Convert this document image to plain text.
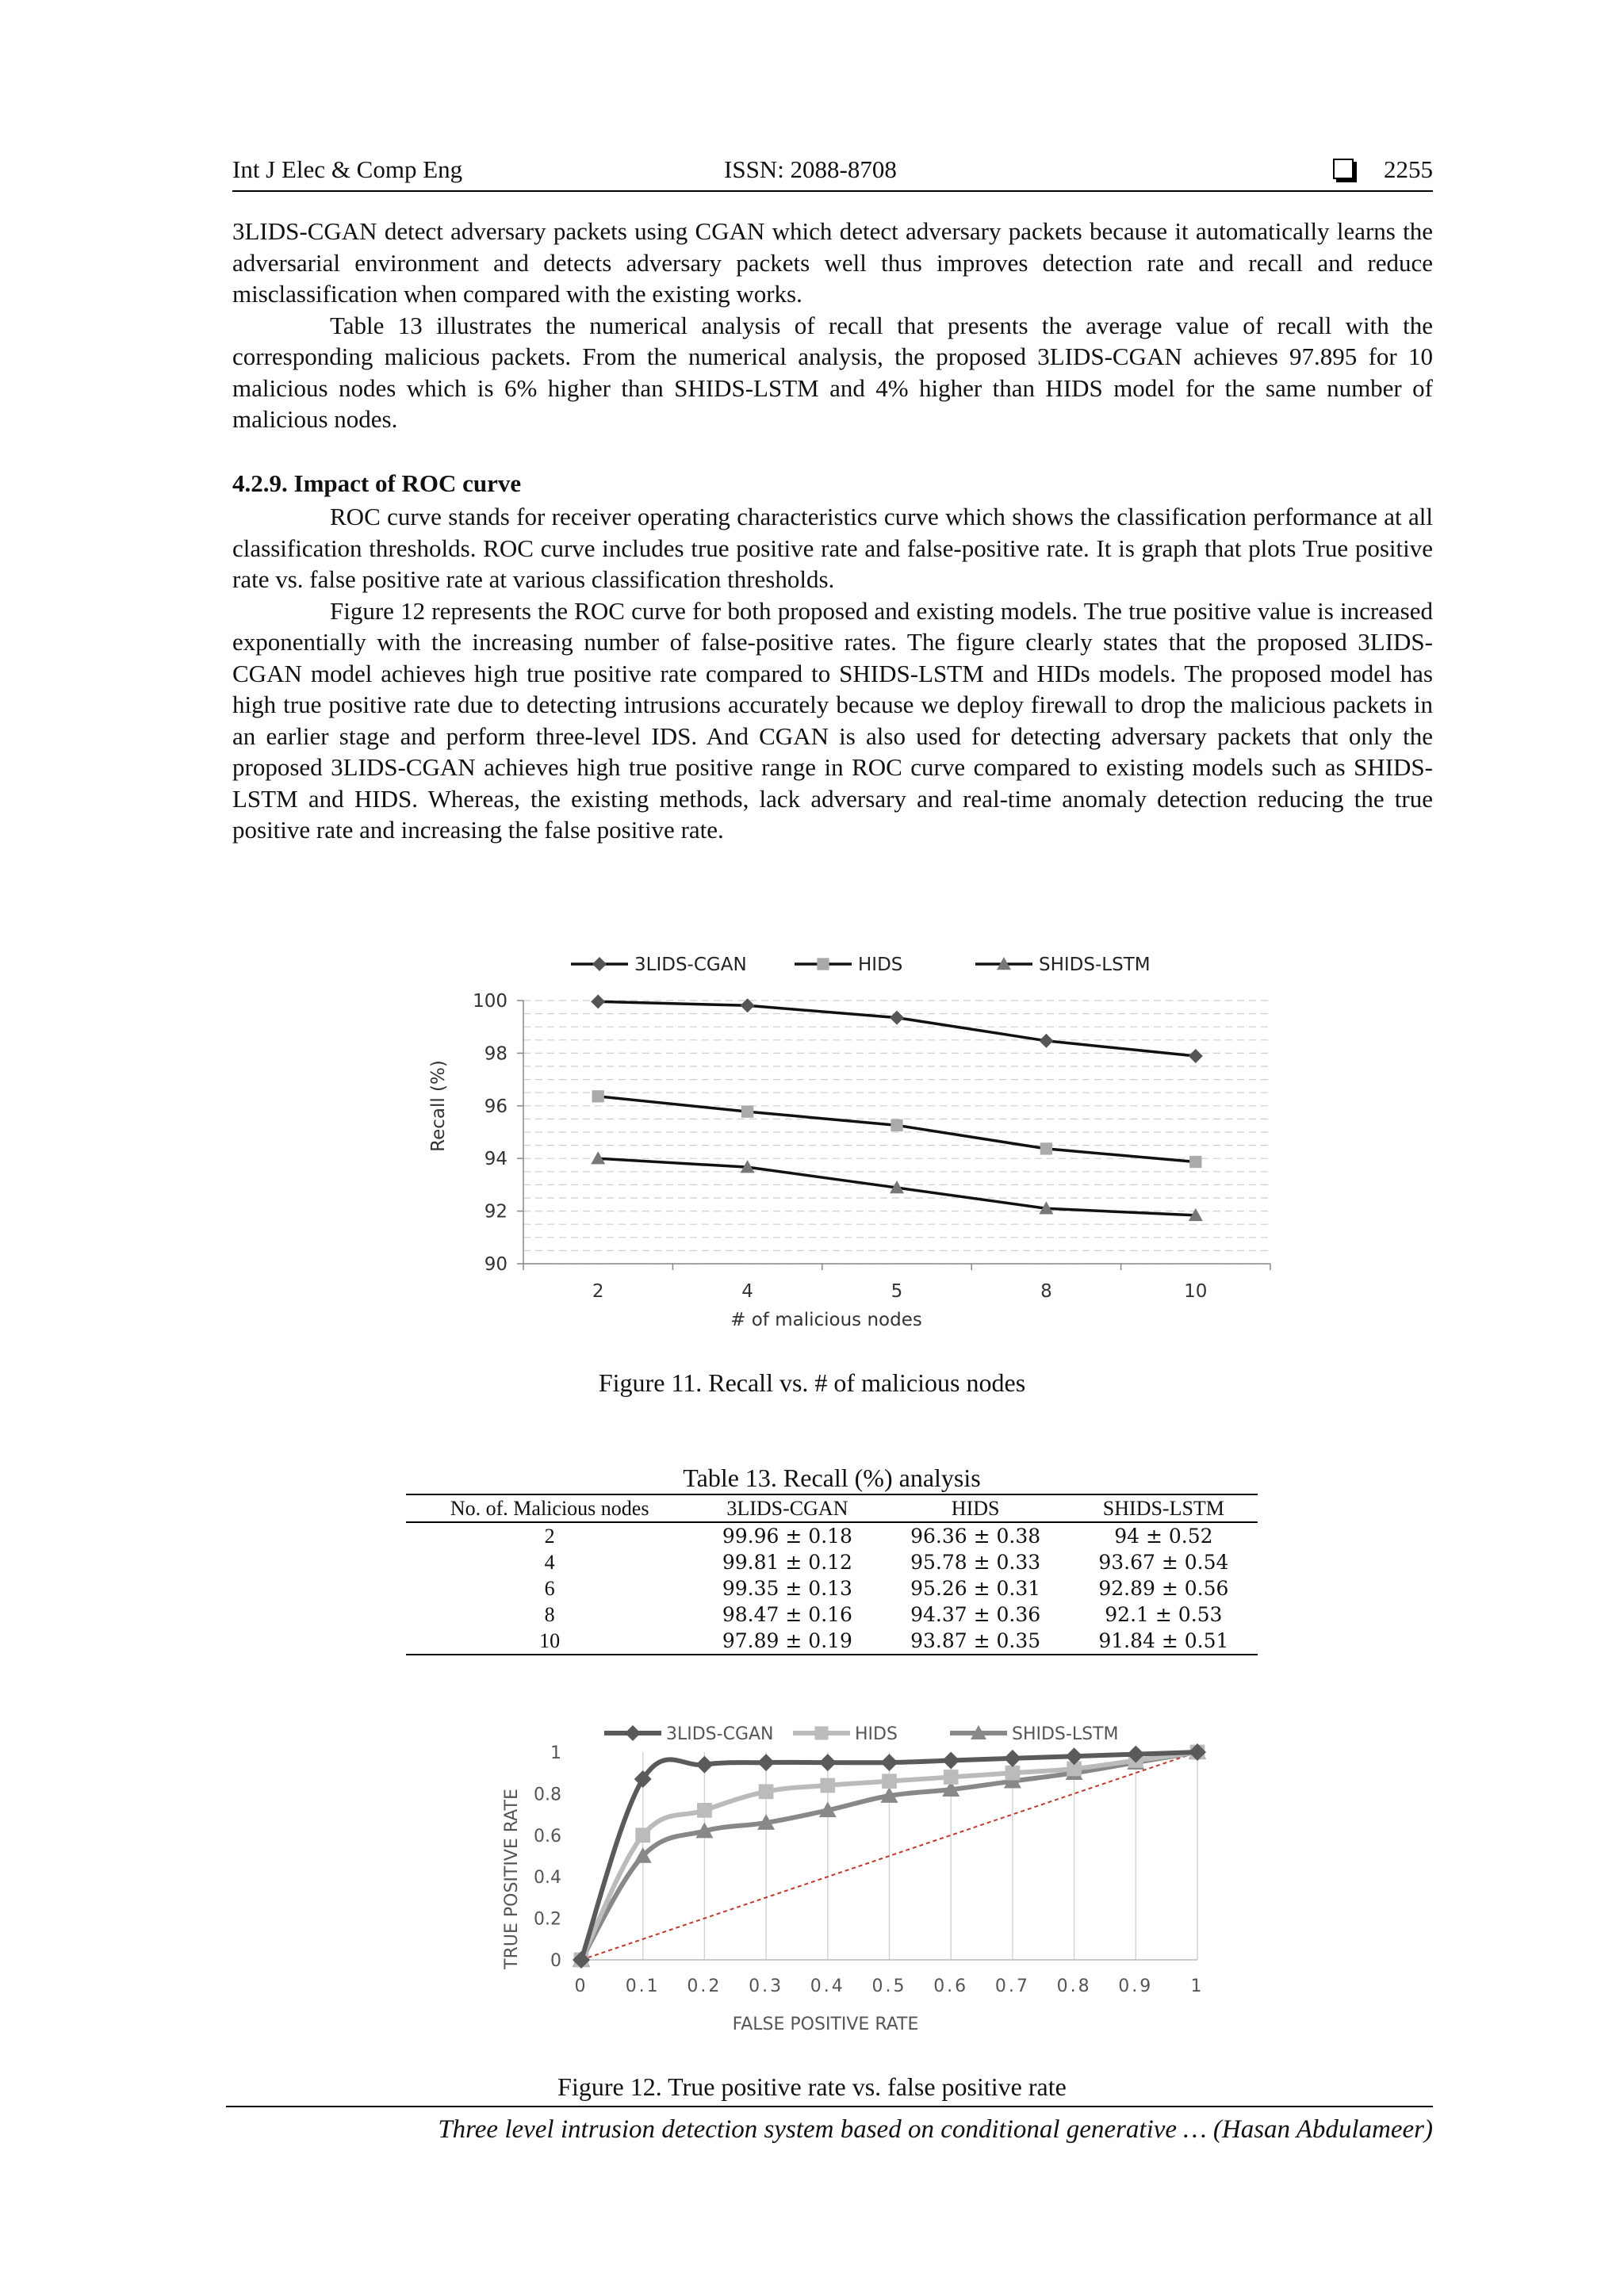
Int J Elec & Comp Eng	ISSN: 2088-8708	2255

3LIDS-CGAN detect adversary packets using CGAN which detect adversary packets because it automatically learns the adversarial environment and detects adversary packets well thus improves detection rate and recall and reduce misclassification when compared with the existing works.

Table 13 illustrates the numerical analysis of recall that presents the average value of recall with the corresponding malicious packets. From the numerical analysis, the proposed 3LIDS-CGAN achieves 97.895 for 10 malicious nodes which is 6% higher than SHIDS-LSTM and 4% higher than HIDS model for the same number of malicious nodes.

4.2.9. Impact of ROC curve

ROC curve stands for receiver operating characteristics curve which shows the classification performance at all classification thresholds. ROC curve includes true positive rate and false-positive rate. It is graph that plots True positive rate vs. false positive rate at various classification thresholds.

Figure 12 represents the ROC curve for both proposed and existing models. The true positive value is increased exponentially with the increasing number of false-positive rates. The figure clearly states that the proposed 3LIDS-CGAN model achieves high true positive rate compared to SHIDS-LSTM and HIDs models. The proposed model has high true positive rate due to detecting intrusions accurately because we deploy firewall to drop the malicious packets in an earlier stage and perform three-level IDS. And CGAN is also used for detecting adversary packets that only the proposed 3LIDS-CGAN achieves high true positive range in ROC curve compared to existing models such as SHIDS-LSTM and HIDS. Whereas, the existing methods, lack adversary and real-time anomaly detection reducing the true positive rate and increasing the false positive rate.

3LIDS-CGAN	HIDS	SHIDS-LSTM
90
92
94
96
98
100
2	4	5	8	10
Recall (%)
# of malicious nodes
Figure 11. Recall vs. # of malicious nodes
Table 13. Recall (%) analysis
No. of. Malicious nodes	3LIDS-CGAN	HIDS	SHIDS-LSTM
2	99.96 ± 0.18	96.36 ± 0.38	94 ± 0.52
4	99.81 ± 0.12	95.78 ± 0.33	93.67 ± 0.54
6	99.35 ± 0.13	95.26 ± 0.31	92.89 ± 0.56
8	98.47 ± 0.16	94.37 ± 0.36	92.1 ± 0.53
10	97.89 ± 0.19	93.87 ± 0.35	91.84 ± 0.51
3LIDS-CGAN	HIDS	SHIDS-LSTM
0
0.2
0.4
0.6
0.8
1
0 0.1 0.2 0.3 0.4 0.5 0.6 0.7 0.8 0.9 1
TRUE POSITIVE RATE
FALSE POSITIVE RATE
Figure 12. True positive rate vs. false positive rate
Three level intrusion detection system based on conditional generative … (Hasan Abdulameer)
